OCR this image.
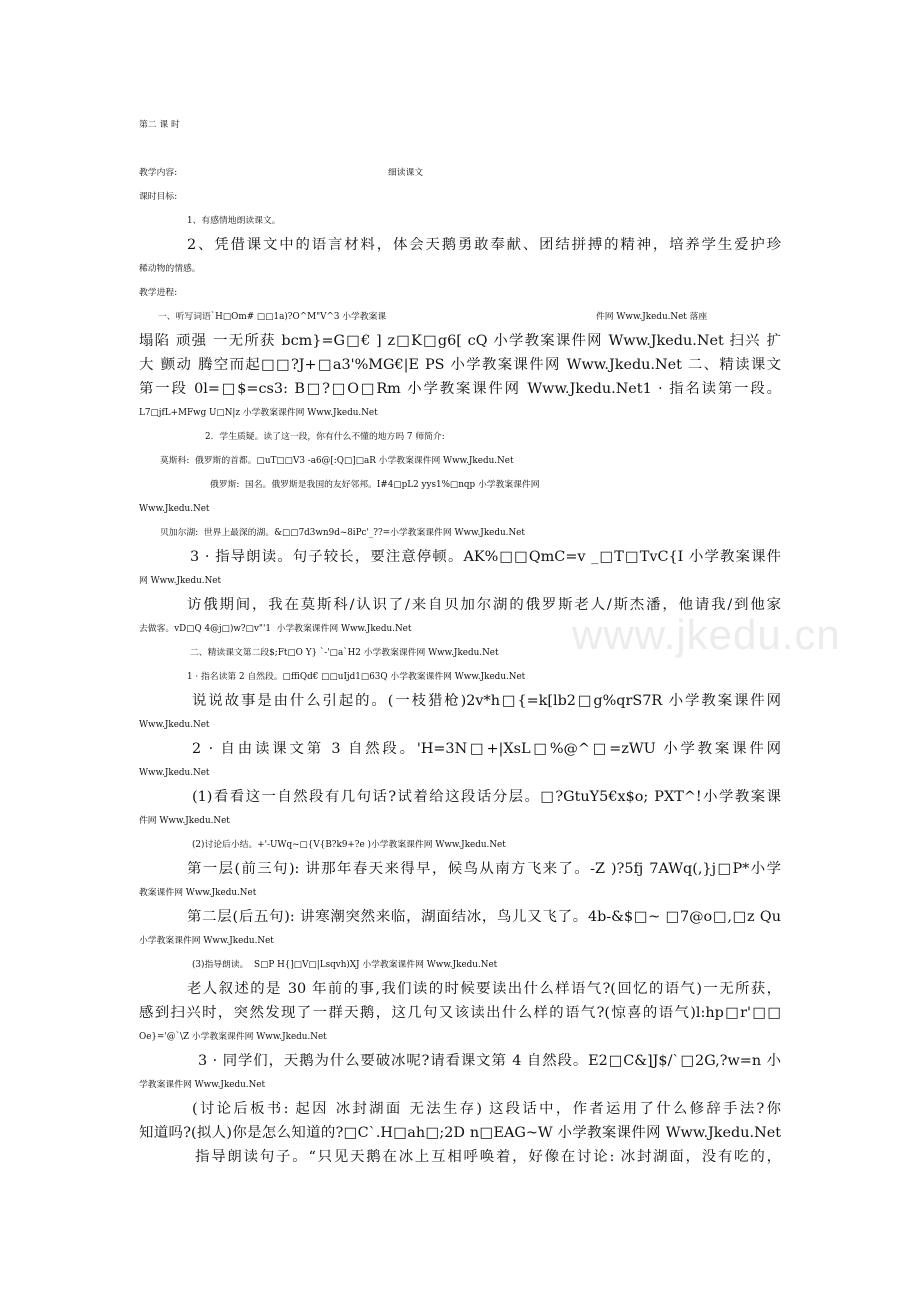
www.jkedu.cn
第二 课 时
教学内容:	细读课文
课时目标:
1、有感情地朗读课文。
2、凭借课文中的语言材料，体会天鹅勇敢奉献、团结拼搏的精神，培养学生爱护珍
稀动物的情感。
教学进程:
一、听写词语`H□Om# □□1a)?O^M"V^3 小学教案课	件网 Www.Jkedu.Net 落座
塌陷 顽强 一无所获 bcm}=G□€ ] z□K□g6[ cQ 小学教案课件网 Www.Jkedu.Net 扫兴 扩
大 颤动 腾空而起□□?J+□a3'%MG€|E PS 小学教案课件网 Www.Jkedu.Net 二、精读课文
第一段 0l=□$=cs3: B□?□O□Rm 小学教案课件网 Www.Jkedu.Net1 · 指名读第一段。
L7□jfL+MFwg U□N|z 小学教案课件网 Www.Jkedu.Net
2．学生质疑。读了这一段，你有什么不懂的地方吗 7 师简介:
莫斯科:  俄罗斯的首都。□uT□□V3 -a6@[:Q□]□aR 小学教案课件网 Www.Jkedu.Net
俄罗斯:  国名。俄罗斯是我国的友好邻邦。I#4□pL2 yys1%□nqp 小学教案课件网
Www.Jkedu.Net
贝加尔湖:  世界上最深的湖。&□□7d3wn9d~8iPc'_??=小学教案课件网 Www.Jkedu.Net
3 · 指导朗读。句子较长，要注意停顿。AK%□□QmC=v _□T□TvC{I 小学教案课件
网 Www.Jkedu.Net
访俄期间，我在莫斯科/认识了/来自贝加尔湖的俄罗斯老人/斯杰潘，他请我/到他家
去做客。vD□Q 4@j□)w?□v"'1  小学教案课件网 Www.Jkedu.Net
二、精读课文第二段$;Ft□O Y} `-'□a`H2 小学教案课件网 Www.Jkedu.Net
1 · 指名读第 2 自然段。□ffiQd€ □□uIjd1□63Q 小学教案课件网 Www.Jkedu.Net
说说故事是由什么引起的。(一枝猎枪)2v*h□{=k[lb2□g%qrS7R 小学教案课件网
Www.Jkedu.Net
2 · 自由读课文第 3 自然段。'H=3N□+|XsL□%@^□=zWU 小学教案课件网
Www.Jkedu.Net
(1)看看这一自然段有几句话?试着给这段话分层。□?GtuY5€x$o; PXT^!小学教案课
件网 Www.Jkedu.Net
(2)讨论后小结。+'-UWq~□{V{B?k9+?e )小学教案课件网 Www.Jkedu.Net
第一层(前三句): 讲那年春天来得早，候鸟从南方飞来了。-Z )?5fj 7AWq(,}j□P*小学
教案课件网 Www.Jkedu.Net
第二层(后五句): 讲寒潮突然来临，湖面结冰，鸟儿又飞了。4b-&$□~ □7@o□,□z Qu
小学教案课件网 Www.Jkedu.Net
(3)指导朗读。  S□P H{]□V□|Lsqvh)XJ 小学教案课件网 Www.Jkedu.Net
老人叙述的是 30 年前的事,我们读的时候要读出什么样语气?(回忆的语气)一无所获，
感到扫兴时，突然发现了一群天鹅，这几句又该读出什么样的语气?(惊喜的语气)l:hp□r'□□
Oe}='@`\Z 小学教案课件网 Www.Jkedu.Net
3 · 同学们，天鹅为什么要破冰呢?请看课文第 4 自然段。E2□C&]J$/`□2G,?w=n 小
学教案课件网 Www.Jkedu.Net
(讨论后板书: 起因 冰封湖面 无法生存) 这段话中，作者运用了什么修辞手法?你
知道吗?(拟人)你是怎么知道的?□C`.H□ah□;2D n□EAG~W 小学教案课件网 Www.Jkedu.Net
指导朗读句子。“只见天鹅在冰上互相呼唤着，好像在讨论: 冰封湖面，没有吃的，
